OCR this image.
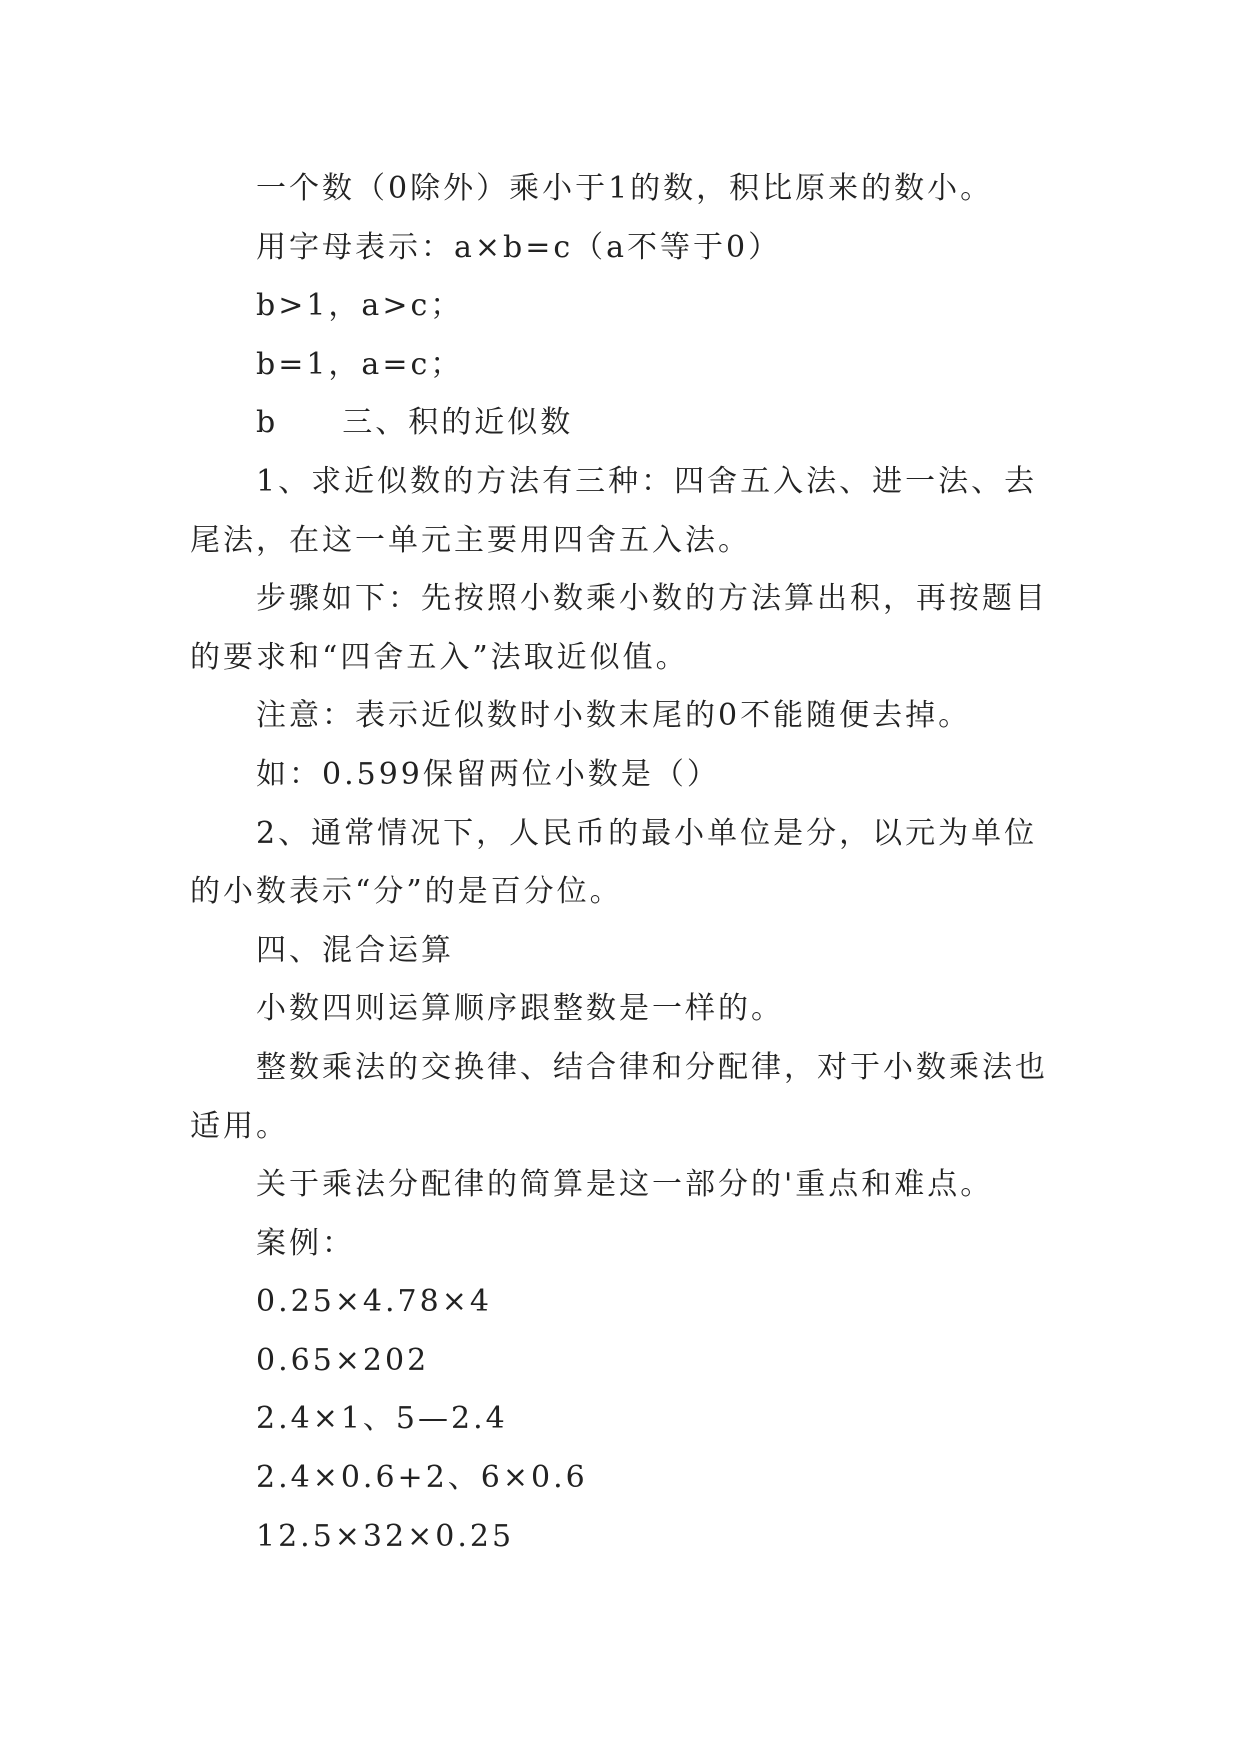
一个数（0除外）乘小于1的数，积比原来的数小。

用字母表示：a×b=c（a不等于0）

b>1，a>c；

b=1，a=c；

b 三、积的近似数

1、求近似数的方法有三种：四舍五入法、进一法、去

尾法，在这一单元主要用四舍五入法。

步骤如下：先按照小数乘小数的方法算出积，再按题目

的要求和“四舍五入”法取近似值。

注意：表示近似数时小数末尾的0不能随便去掉。

如：0.599保留两位小数是（）

2、通常情况下，人民币的最小单位是分，以元为单位

的小数表示“分”的是百分位。

四、混合运算

小数四则运算顺序跟整数是一样的。

整数乘法的交换律、结合律和分配律，对于小数乘法也

适用。

关于乘法分配律的简算是这一部分的'重点和难点。

案例：

0.25×4.78×4

0.65×202

2.4×1、5—2.4

2.4×0.6+2、6×0.6

12.5×32×0.25
